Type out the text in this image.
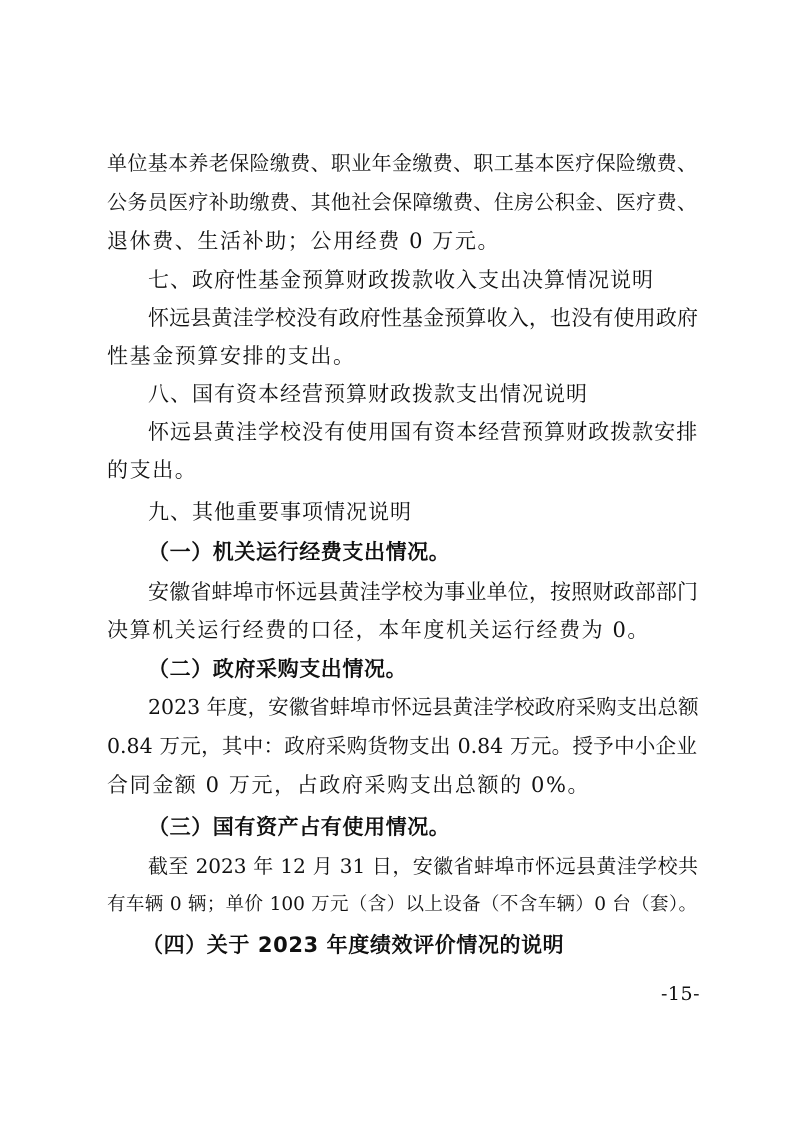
单位基本养老保险缴费、职业年金缴费、职工基本医疗保险缴费、
公务员医疗补助缴费、其他社会保障缴费、住房公积金、医疗费、
退休费、生活补助；公用经费 0 万元。
七、政府性基金预算财政拨款收入支出决算情况说明
怀远县黄洼学校没有政府性基金预算收入，也没有使用政府
性基金预算安排的支出。
八、国有资本经营预算财政拨款支出情况说明
怀远县黄洼学校没有使用国有资本经营预算财政拨款安排
的支出。
九、其他重要事项情况说明
（一）机关运行经费支出情况。
安徽省蚌埠市怀远县黄洼学校为事业单位，按照财政部部门
决算机关运行经费的口径，本年度机关运行经费为 0。
（二）政府采购支出情况。
2023 年度，安徽省蚌埠市怀远县黄洼学校政府采购支出总额
0.84 万元，其中：政府采购货物支出 0.84 万元。授予中小企业
合同金额 0 万元，占政府采购支出总额的 0%。
（三）国有资产占有使用情况。
截至 2023 年 12 月 31 日，安徽省蚌埠市怀远县黄洼学校共
有车辆 0 辆；单价 100 万元（含）以上设备（不含车辆）0 台（套）。
（四）关于 2023 年度绩效评价情况的说明
-15-
